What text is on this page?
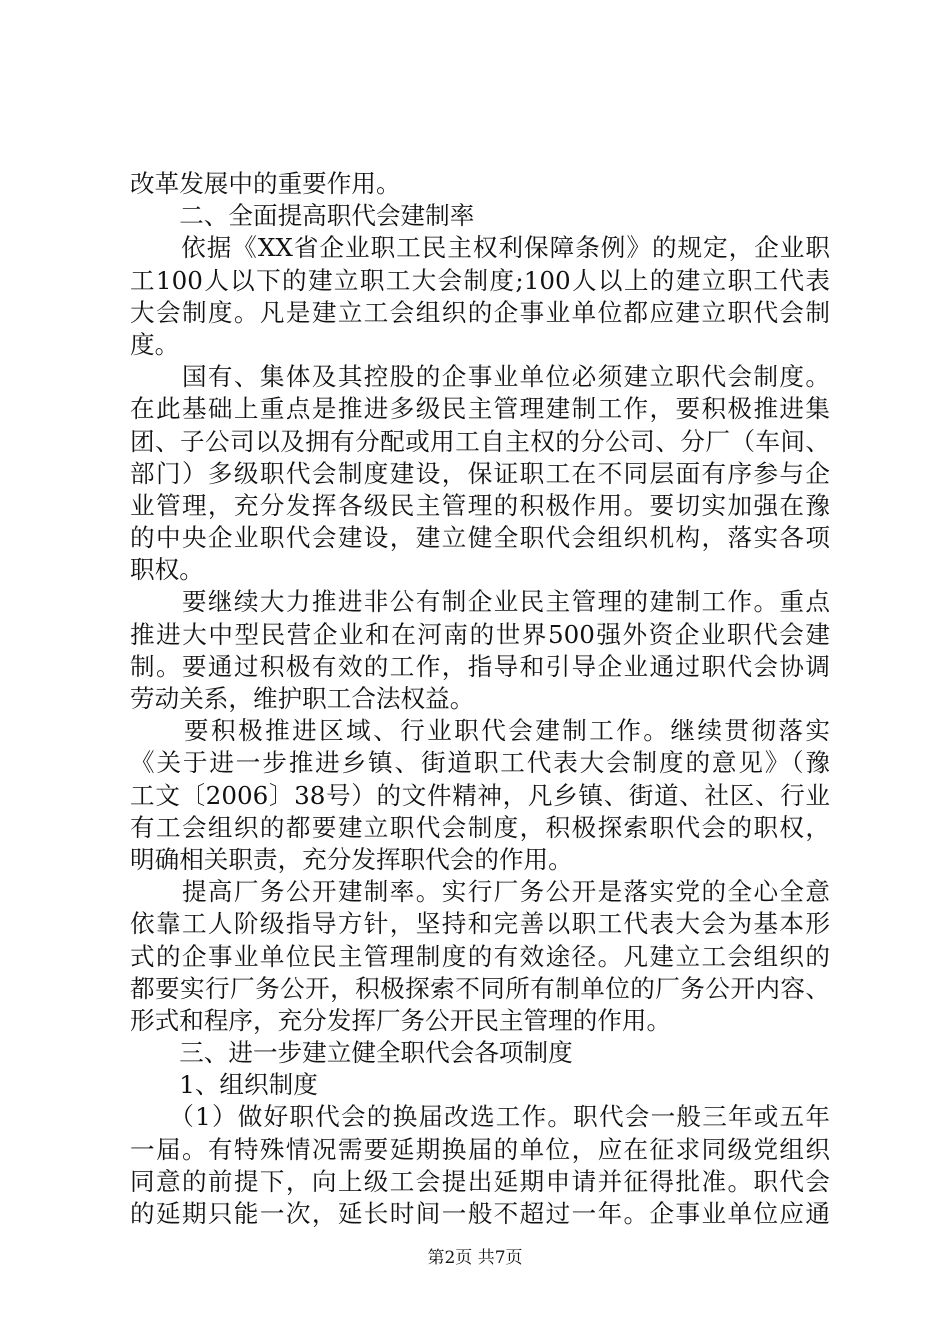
改革发展中的重要作用。
　　二、全面提高职代会建制率
　　依据《XX省企业职工民主权利保障条例》的规定，企业职
工100人以下的建立职工大会制度;100人以上的建立职工代表
大会制度。凡是建立工会组织的企事业单位都应建立职代会制
度。
　　国有、集体及其控股的企事业单位必须建立职代会制度。
在此基础上重点是推进多级民主管理建制工作，要积极推进集
团、子公司以及拥有分配或用工自主权的分公司、分厂（车间、
部门）多级职代会制度建设，保证职工在不同层面有序参与企
业管理，充分发挥各级民主管理的积极作用。要切实加强在豫
的中央企业职代会建设，建立健全职代会组织机构，落实各项
职权。
　　要继续大力推进非公有制企业民主管理的建制工作。重点
推进大中型民营企业和在河南的世界500强外资企业职代会建
制。要通过积极有效的工作，指导和引导企业通过职代会协调
劳动关系，维护职工合法权益。
　　要积极推进区域、行业职代会建制工作。继续贯彻落实
《关于进一步推进乡镇、街道职工代表大会制度的意见》（豫
工文〔2006〕38号）的文件精神，凡乡镇、街道、社区、行业
有工会组织的都要建立职代会制度，积极探索职代会的职权，
明确相关职责，充分发挥职代会的作用。
　　提高厂务公开建制率。实行厂务公开是落实党的全心全意
依靠工人阶级指导方针，坚持和完善以职工代表大会为基本形
式的企事业单位民主管理制度的有效途径。凡建立工会组织的
都要实行厂务公开，积极探索不同所有制单位的厂务公开内容、
形式和程序，充分发挥厂务公开民主管理的作用。
　　三、进一步建立健全职代会各项制度
　　1、组织制度
　　（1）做好职代会的换届改选工作。职代会一般三年或五年
一届。有特殊情况需要延期换届的单位，应在征求同级党组织
同意的前提下，向上级工会提出延期申请并征得批准。职代会
的延期只能一次，延长时间一般不超过一年。企事业单位应通
第2页 共7页
